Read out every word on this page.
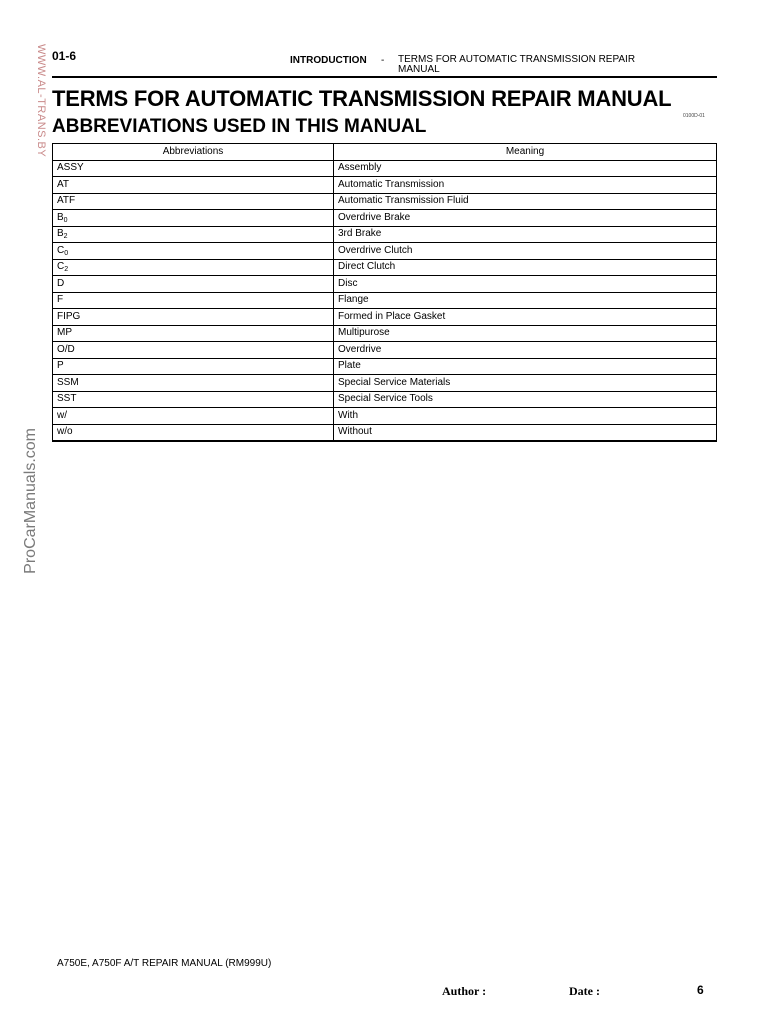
WWW.AL-TRANS.BY
ProCarManuals.com
01-6	INTRODUCTION - TERMS FOR AUTOMATIC TRANSMISSION REPAIR MANUAL
TERMS FOR AUTOMATIC TRANSMISSION REPAIR MANUAL
ABBREVIATIONS USED IN THIS MANUAL	0100D-01
Abbreviations	Meaning
ASSY	Assembly
AT	Automatic Transmission
ATF	Automatic Transmission Fluid
$B_0$	Overdrive Brake
$B_2$	3rd Brake
$C_0$	Overdrive Clutch
$C_2$	Direct Clutch
D	Disc
F	Flange
FIPG	Formed in Place Gasket
MP	Multipurose
O/D	Overdrive
P	Plate
SSM	Special Service Materials
SST	Special Service Tools
w/	With
w/o	Without
A750E, A750F A/T REPAIR MANUAL (RM999U)
Author :	Date :	6
